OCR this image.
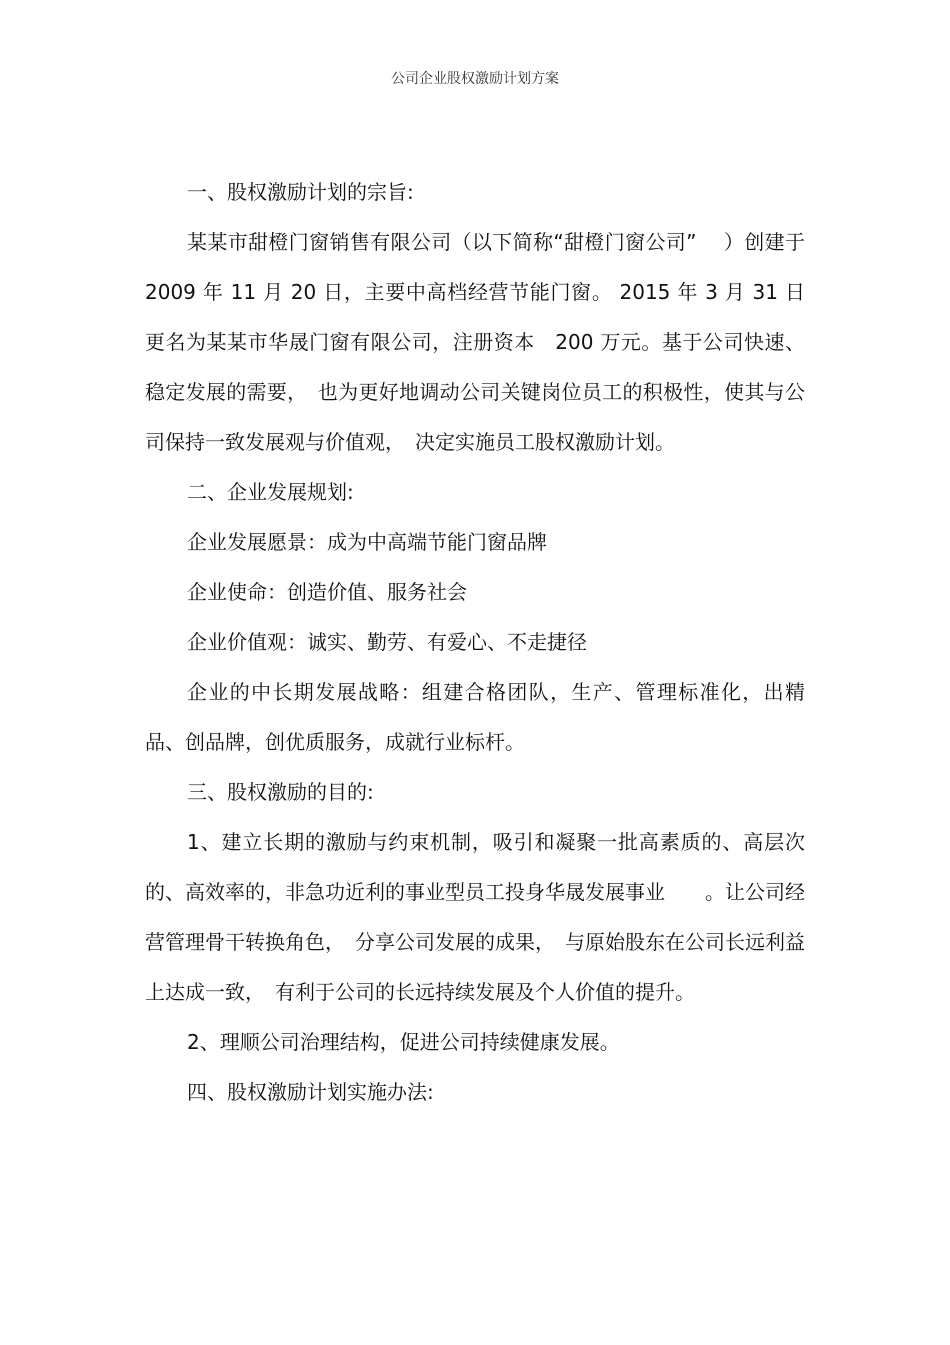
公司企业股权激励计划方案

一、股权激励计划的宗旨:

某某市甜橙门窗销售有限公司（以下简称“甜橙门窗公司”　 ）创建于 2009 年 11 月 20 日，主要中高档经营节能门窗。 2015 年 3 月 31 日更名为某某市华晟门窗有限公司，注册资本　200 万元。基于公司快速、稳定发展的需要，　也为更好地调动公司关键岗位员工的积极性，使其与公司保持一致发展观与价值观，　决定实施员工股权激励计划。

二、企业发展规划:

企业发展愿景：成为中高端节能门窗品牌

企业使命：创造价值、服务社会

企业价值观：诚实、勤劳、有爱心、不走捷径

企业的中长期发展战略：组建合格团队，生产、管理标准化，出精品、创品牌，创优质服务，成就行业标杆。

三、股权激励的目的:

1、建立长期的激励与约束机制，吸引和凝聚一批高素质的、高层次的、高效率的，非急功近利的事业型员工投身华晟发展事业　　。让公司经营管理骨干转换角色，　分享公司发展的成果，　与原始股东在公司长远利益上达成一致，　有利于公司的长远持续发展及个人价值的提升。

2、理顺公司治理结构，促进公司持续健康发展。

四、股权激励计划实施办法:
